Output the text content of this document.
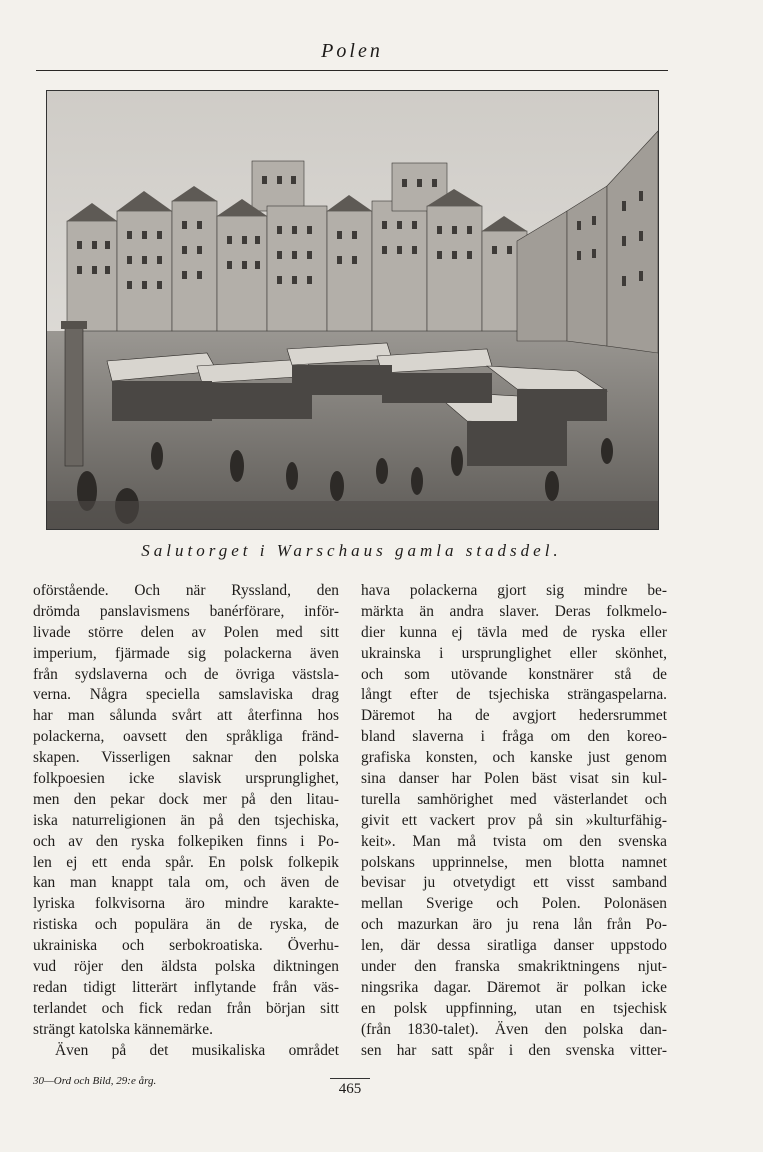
Polen
Salutorget i Warschaus gamla stadsdel.
oförstående. Och när Ryssland, den
drömda panslavismens banérförare, inför-
livade större delen av Polen med sitt
imperium, fjärmade sig polackerna även
från sydslaverna och de övriga västsla-
verna. Några speciella samslaviska drag
har man sålunda svårt att återfinna hos
polackerna, oavsett den språkliga fränd-
skapen. Visserligen saknar den polska
folkpoesien icke slavisk ursprunglighet,
men den pekar dock mer på den litau-
iska naturreligionen än på den tsjechiska,
och av den ryska folkepiken finns i Po-
len ej ett enda spår. En polsk folkepik
kan man knappt tala om, och även de
lyriska folkvisorna äro mindre karakte-
ristiska och populära än de ryska, de
ukrainiska och serbokroatiska. Överhu-
vud röjer den äldsta polska diktningen
redan tidigt litterärt inflytande från väs-
terlandet och fick redan från början sitt
strängt katolska kännemärke.
Även på det musikaliska området
hava polackerna gjort sig mindre be-
märkta än andra slaver. Deras folkmelo-
dier kunna ej tävla med de ryska eller
ukrainska i ursprunglighet eller skönhet,
och som utövande konstnärer stå de
långt efter de tsjechiska strängaspelarna.
Däremot ha de avgjort hedersrummet
bland slaverna i fråga om den koreo-
grafiska konsten, och kanske just genom
sina danser har Polen bäst visat sin kul-
turella samhörighet med västerlandet och
givit ett vackert prov på sin »kulturfähig-
keit». Man må tvista om den svenska
polskans upprinnelse, men blotta namnet
bevisar ju otvetydigt ett visst samband
mellan Sverige och Polen. Polonäsen
och mazurkan äro ju rena lån från Po-
len, där dessa siratliga danser uppstodo
under den franska smakriktningens njut-
ningsrika dagar. Däremot är polkan icke
en polsk uppfinning, utan en tsjechisk
(från 1830-talet). Även den polska dan-
sen har satt spår i den svenska vitter-
30—Ord och Bild, 29:e årg.	465
